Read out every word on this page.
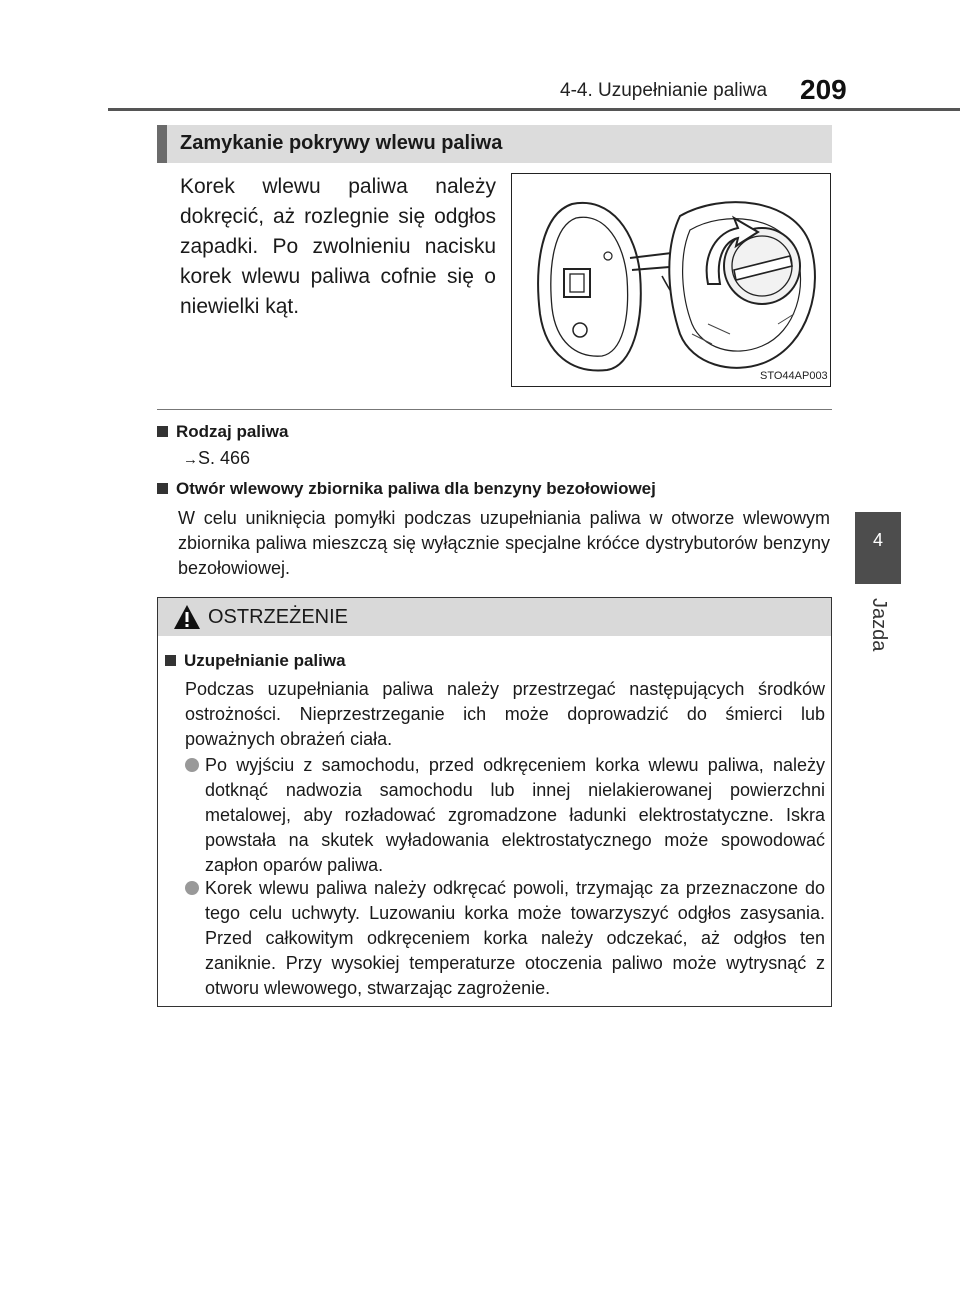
4-4. Uzupełnianie paliwa 209
4
Jazda
Zamykanie pokrywy wlewu paliwa
Korek wlewu paliwa należy dokręcić, aż rozlegnie się odgłos zapadki. Po zwolnieniu nacisku korek wlewu paliwa cofnie się o niewielki kąt.
STO44AP003
Rodzaj paliwa
→S. 466
Otwór wlewowy zbiornika paliwa dla benzyny bezołowiowej
W celu uniknięcia pomyłki podczas uzupełniania paliwa w otworze wlewowym zbiornika paliwa mieszczą się wyłącznie specjalne króćce dystrybutorów benzyny bezołowiowej.
OSTRZEŻENIE
Uzupełnianie paliwa
Podczas uzupełniania paliwa należy przestrzegać następujących środków ostrożności. Nieprzestrzeganie ich może doprowadzić do śmierci lub poważnych obrażeń ciała.
Po wyjściu z samochodu, przed odkręceniem korka wlewu paliwa, należy dotknąć nadwozia samochodu lub innej nielakierowanej powierzchni metalowej, aby rozładować zgromadzone ładunki elektrostatyczne. Iskra powstała na skutek wyładowania elektrostatycznego może spowodować zapłon oparów paliwa.
Korek wlewu paliwa należy odkręcać powoli, trzymając za przeznaczone do tego celu uchwyty. Luzowaniu korka może towarzyszyć odgłos zasysania. Przed całkowitym odkręceniem korka należy odczekać, aż odgłos ten zaniknie. Przy wysokiej temperaturze otoczenia paliwo może wytrysnąć z otworu wlewowego, stwarzając zagrożenie.
